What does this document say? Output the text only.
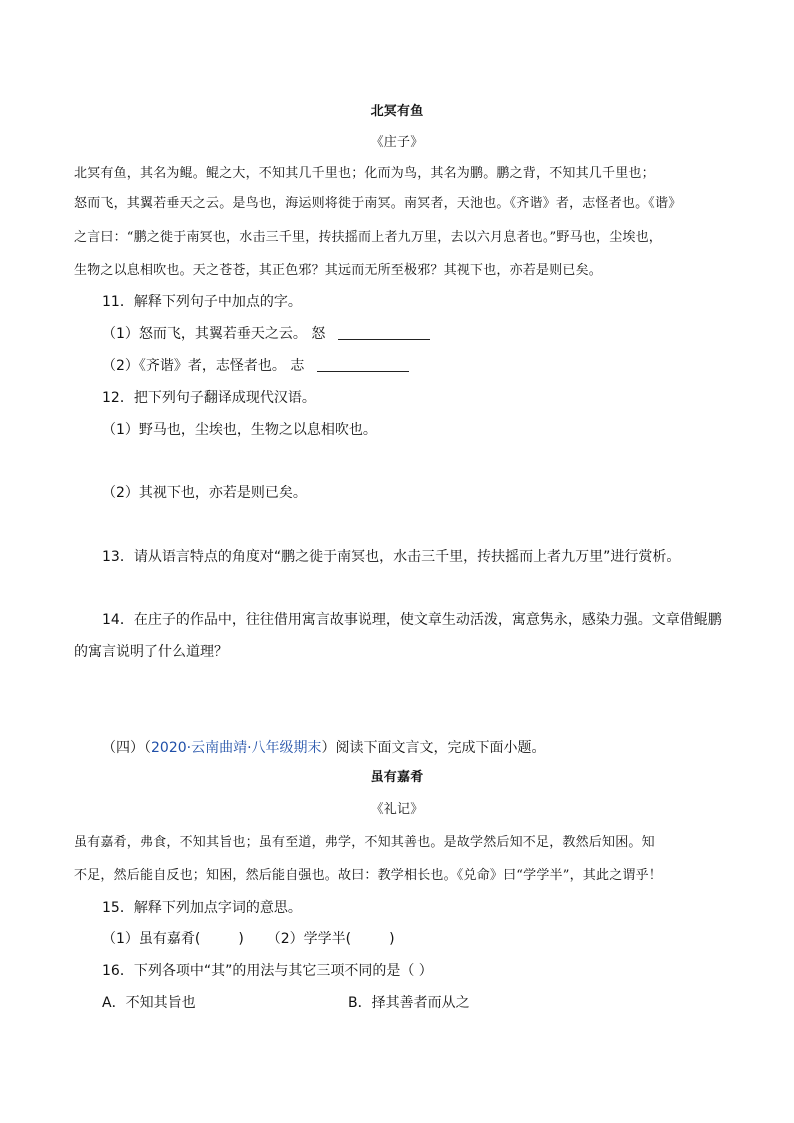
北冥有鱼
《庄子》
北冥有鱼，其名为鲲。鲲之大，不知其几千里也；化而为鸟，其名为鹏。鹏之背，不知其几千里也；
怒而飞，其翼若垂天之云。是鸟也，海运则将徙于南冥。南冥者，天池也。《齐谐》者，志怪者也。《谐》
之言曰：“鹏之徙于南冥也，水击三千里，抟扶摇而上者九万里，去以六月息者也。”野马也，尘埃也，
生物之以息相吹也。天之苍苍，其正色邪？其远而无所至极邪？其视下也，亦若是则已矣。
11．解释下列句子中加点的字。
（1）怒而飞，其翼若垂天之云。 怒
（2）《齐谐》者，志怪者也。 志
12．把下列句子翻译成现代汉语。
（1）野马也，尘埃也，生物之以息相吹也。
（2）其视下也，亦若是则已矣。
13．请从语言特点的角度对“鹏之徙于南冥也，水击三千里，抟扶摇而上者九万里”进行赏析。
14．在庄子的作品中，往往借用寓言故事说理，使文章生动活泼，寓意隽永，感染力强。文章借鲲鹏
的寓言说明了什么道理？
（四）（2020·云南曲靖·八年级期末）阅读下面文言文，完成下面小题。
虽有嘉肴
《礼记》
虽有嘉肴，弗食，不知其旨也；虽有至道，弗学，不知其善也。是故学然后知不足，教然后知困。知
不足，然后能自反也；知困，然后能自强也。故曰：教学相长也。《兑命》曰“学学半”，其此之谓乎！
15．解释下列加点字词的意思。
（1）虽有嘉肴(	) （2）学学半(	)
16．下列各项中“其”的用法与其它三项不同的是（ ）
A．不知其旨也	B．择其善者而从之
